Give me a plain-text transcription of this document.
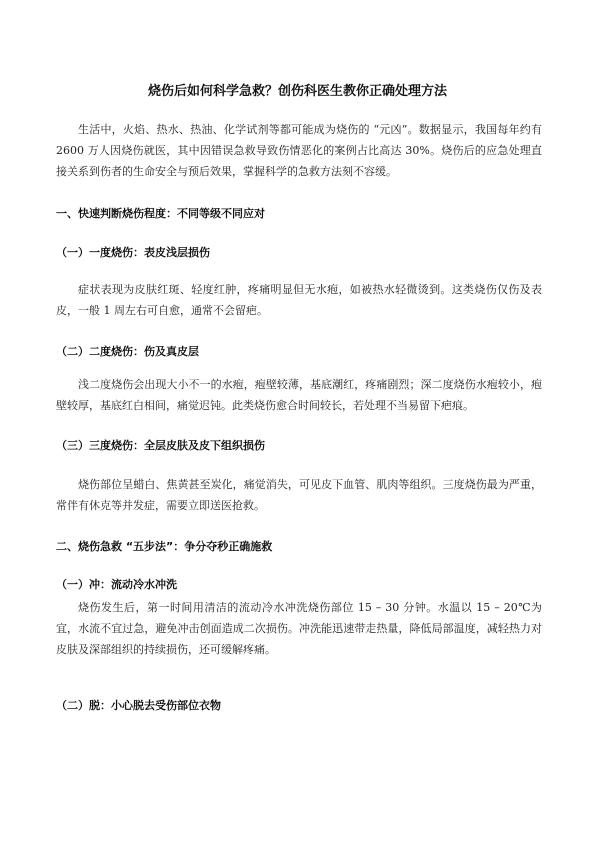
烧伤后如何科学急救？创伤科医生教你正确处理方法
生活中，火焰、热水、热油、化学试剂等都可能成为烧伤的 “元凶”。数据显示，我国每年约有 2600 万人因烧伤就医，其中因错误急救导致伤情恶化的案例占比高达 30%。烧伤后的应急处理直接关系到伤者的生命安全与预后效果，掌握科学的急救方法刻不容缓。
一、快速判断烧伤程度：不同等级不同应对
（一）一度烧伤：表皮浅层损伤
症状表现为皮肤红斑、轻度红肿，疼痛明显但无水疱，如被热水轻微烫到。这类烧伤仅伤及表皮，一般 1 周左右可自愈，通常不会留疤。
（二）二度烧伤：伤及真皮层
浅二度烧伤会出现大小不一的水疱，疱壁较薄，基底潮红，疼痛剧烈；深二度烧伤水疱较小，疱壁较厚，基底红白相间，痛觉迟钝。此类烧伤愈合时间较长，若处理不当易留下疤痕。
（三）三度烧伤：全层皮肤及皮下组织损伤
烧伤部位呈蜡白、焦黄甚至炭化，痛觉消失，可见皮下血管、肌肉等组织。三度烧伤最为严重，常伴有休克等并发症，需要立即送医抢救。
二、烧伤急救 “五步法”：争分夺秒正确施救
（一）冲：流动冷水冲洗
烧伤发生后，第一时间用清洁的流动冷水冲洗烧伤部位 15 – 30 分钟。水温以 15 – 20℃为宜，水流不宜过急，避免冲击创面造成二次损伤。冲洗能迅速带走热量，降低局部温度，减轻热力对皮肤及深部组织的持续损伤，还可缓解疼痛。
（二）脱：小心脱去受伤部位衣物
